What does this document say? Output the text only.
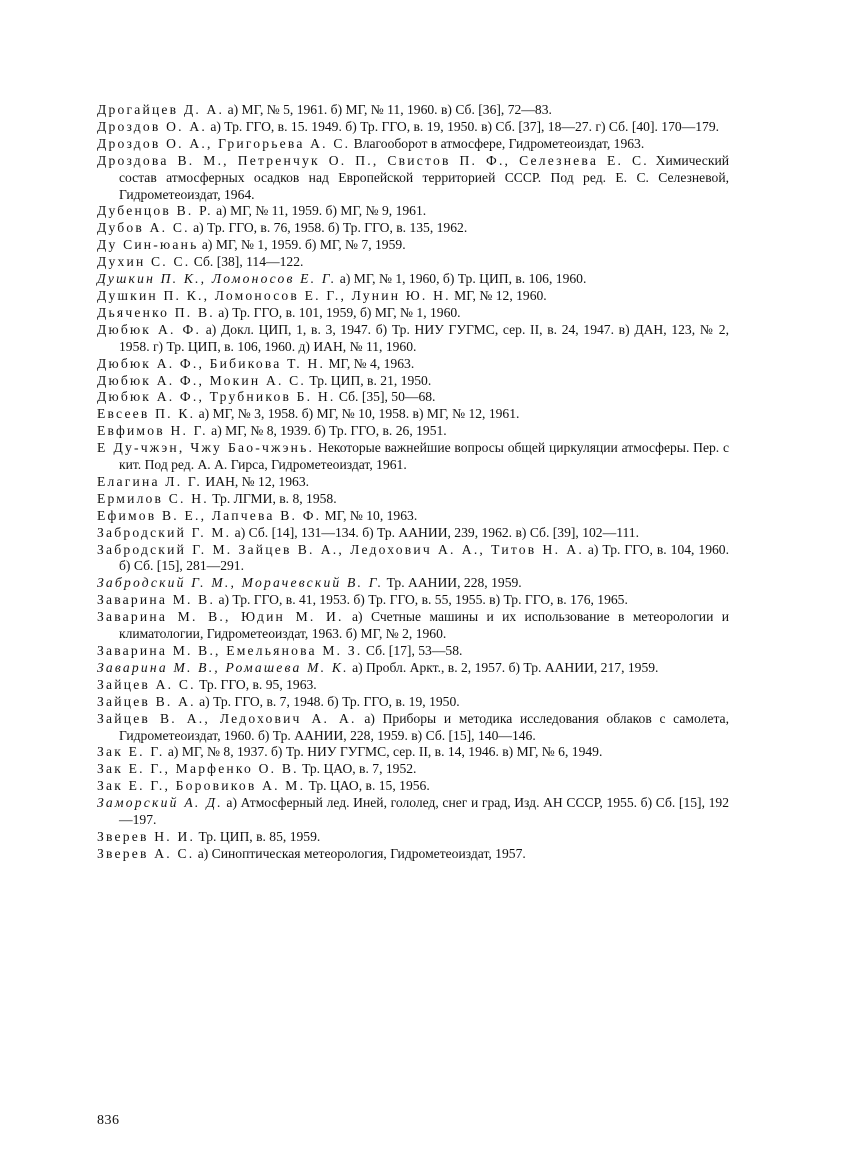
Дрогайцев Д. А. а) МГ, № 5, 1961. б) МГ, № 11, 1960. в) Сб. [36], 72—83.

Дроздов О. А. а) Тр. ГГО, в. 15. 1949. б) Тр. ГГО, в. 19, 1950. в) Сб. [37], 18—27. г) Сб. [40]. 170—179.

Дроздов О. А., Григорьева А. С. Влагооборот в атмосфере, Гидрометеоиздат, 1963.

Дроздова В. М., Петренчук О. П., Свистов П. Ф., Селезнева Е. С. Химический состав атмосферных осадков над Европейской территорией СССР. Под ред. Е. С. Селезневой, Гидрометеоиздат, 1964.

Дубенцов В. Р. а) МГ, № 11, 1959. б) МГ, № 9, 1961.

Дубов А. С. а) Тр. ГГО, в. 76, 1958. б) Тр. ГГО, в. 135, 1962.

Ду Син-юань а) МГ, № 1, 1959. б) МГ, № 7, 1959.

Духин С. С. Сб. [38], 114—122.

Душкин П. К., Ломоносов Е. Г. а) МГ, № 1, 1960, б) Тр. ЦИП, в. 106, 1960.

Душкин П. К., Ломоносов Е. Г., Лунин Ю. Н. МГ, № 12, 1960.

Дьяченко П. В. а) Тр. ГГО, в. 101, 1959, б) МГ, № 1, 1960.

Дюбюк А. Ф. а) Докл. ЦИП, 1, в. 3, 1947. б) Тр. НИУ ГУГМС, сер. II, в. 24, 1947. в) ДАН, 123, № 2, 1958. г) Тр. ЦИП, в. 106, 1960. д) ИАН, № 11, 1960.

Дюбюк А. Ф., Бибикова Т. Н. МГ, № 4, 1963.

Дюбюк А. Ф., Мокин А. С. Тр. ЦИП, в. 21, 1950.

Дюбюк А. Ф., Трубников Б. Н. Сб. [35], 50—68.

Евсеев П. К. а) МГ, № 3, 1958. б) МГ, № 10, 1958. в) МГ, № 12, 1961.

Евфимов Н. Г. а) МГ, № 8, 1939. б) Тр. ГГО, в. 26, 1951.

Е Ду-чжэн, Чжу Бао-чжэнь. Некоторые важнейшие вопросы общей циркуляции атмосферы. Пер. с кит. Под ред. А. А. Гирса, Гидрометеоиздат, 1961.

Елагина Л. Г. ИАН, № 12, 1963.

Ермилов С. Н. Тр. ЛГМИ, в. 8, 1958.

Ефимов В. Е., Лапчева В. Ф. МГ, № 10, 1963.

Забродский Г. М. а) Сб. [14], 131—134. б) Тр. ААНИИ, 239, 1962. в) Сб. [39], 102—111.

Забродский Г. М. Зайцев В. А., Ледохович А. А., Титов Н. А. а) Тр. ГГО, в. 104, 1960. б) Сб. [15], 281—291.

Забродский Г. М., Морачевский В. Г. Тр. ААНИИ, 228, 1959.

Заварина М. В. а) Тр. ГГО, в. 41, 1953. б) Тр. ГГО, в. 55, 1955. в) Тр. ГГО, в. 176, 1965.

Заварина М. В., Юдин М. И. а) Счетные машины и их использование в метеорологии и климатологии, Гидрометеоиздат, 1963. б) МГ, № 2, 1960.

Заварина М. В., Емельянова М. З. Сб. [17], 53—58.

Заварина М. В., Ромашева М. К. а) Пробл. Аркт., в. 2, 1957. б) Тр. ААНИИ, 217, 1959.

Зайцев А. С. Тр. ГГО, в. 95, 1963.

Зайцев В. А. а) Тр. ГГО, в. 7, 1948. б) Тр. ГГО, в. 19, 1950.

Зайцев В. А., Ледохович А. А. а) Приборы и методика исследования облаков с самолета, Гидрометеоиздат, 1960. б) Тр. ААНИИ, 228, 1959. в) Сб. [15], 140—146.

Зак Е. Г. а) МГ, № 8, 1937. б) Тр. НИУ ГУГМС, сер. II, в. 14, 1946. в) МГ, № 6, 1949.

Зак Е. Г., Марфенко О. В. Тр. ЦАО, в. 7, 1952.

Зак Е. Г., Боровиков А. М. Тр. ЦАО, в. 15, 1956.

Заморский А. Д. а) Атмосферный лед. Иней, гололед, снег и град, Изд. АН СССР, 1955. б) Сб. [15], 192—197.

Зверев Н. И. Тр. ЦИП, в. 85, 1959.

Зверев А. С. а) Синоптическая метеорология, Гидрометеоиздат, 1957.

836
